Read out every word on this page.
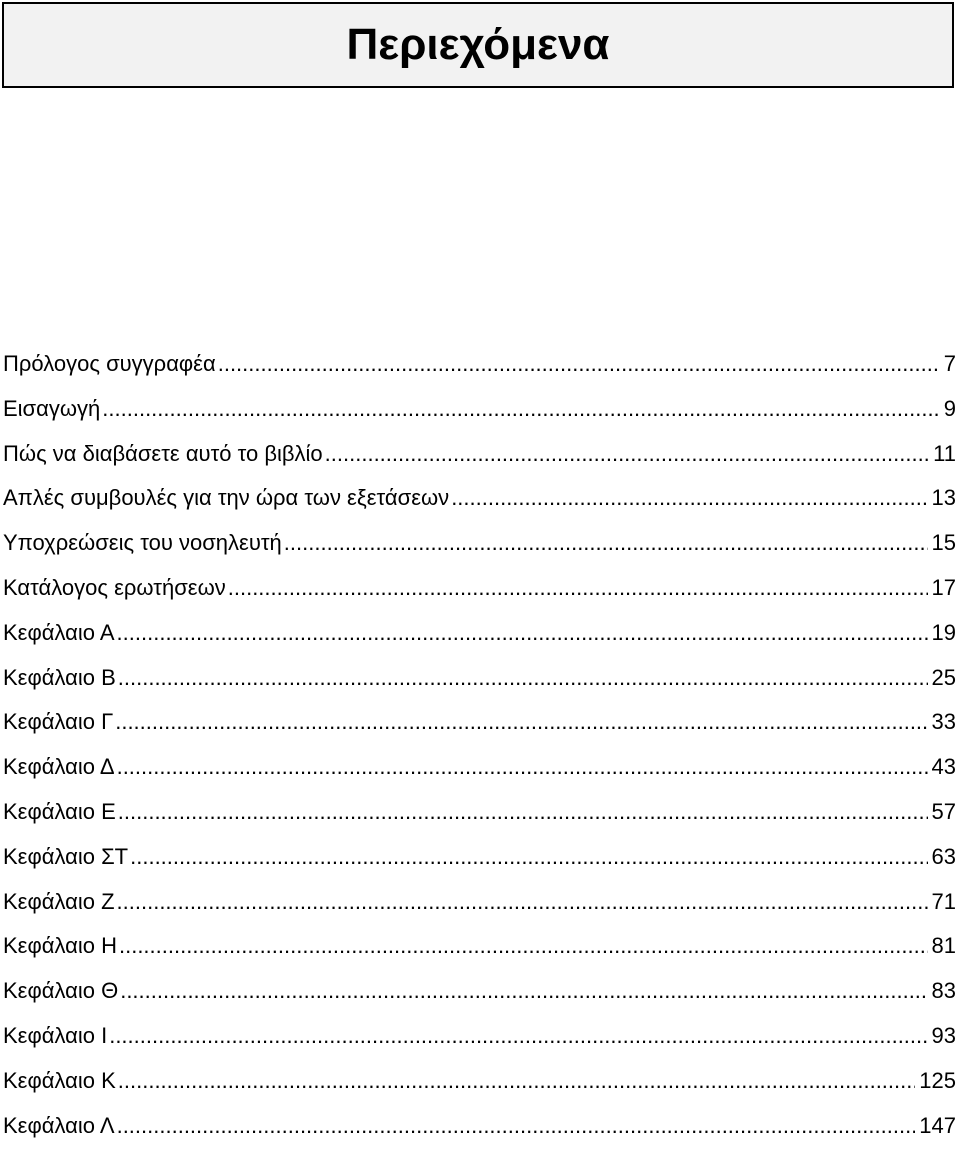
Περιεχόμενα
Πρόλογος συγγραφέα .....	7
Εισαγωγή .....	9
Πώς να διαβάσετε αυτό το βιβλίο .....	11
Απλές συμβουλές για την ώρα των εξετάσεων .....	13
Υποχρεώσεις του νοσηλευτή .....	15
Κατάλογος ερωτήσεων .....	17
Κεφάλαιο Α .....	19
Κεφάλαιο Β .....	25
Κεφάλαιο Γ .....	33
Κεφάλαιο Δ .....	43
Κεφάλαιο Ε .....	57
Κεφάλαιο ΣΤ .....	63
Κεφάλαιο Ζ .....	71
Κεφάλαιο Η .....	81
Κεφάλαιο Θ .....	83
Κεφάλαιο Ι .....	93
Κεφάλαιο Κ .....	125
Κεφάλαιο Λ .....	147
